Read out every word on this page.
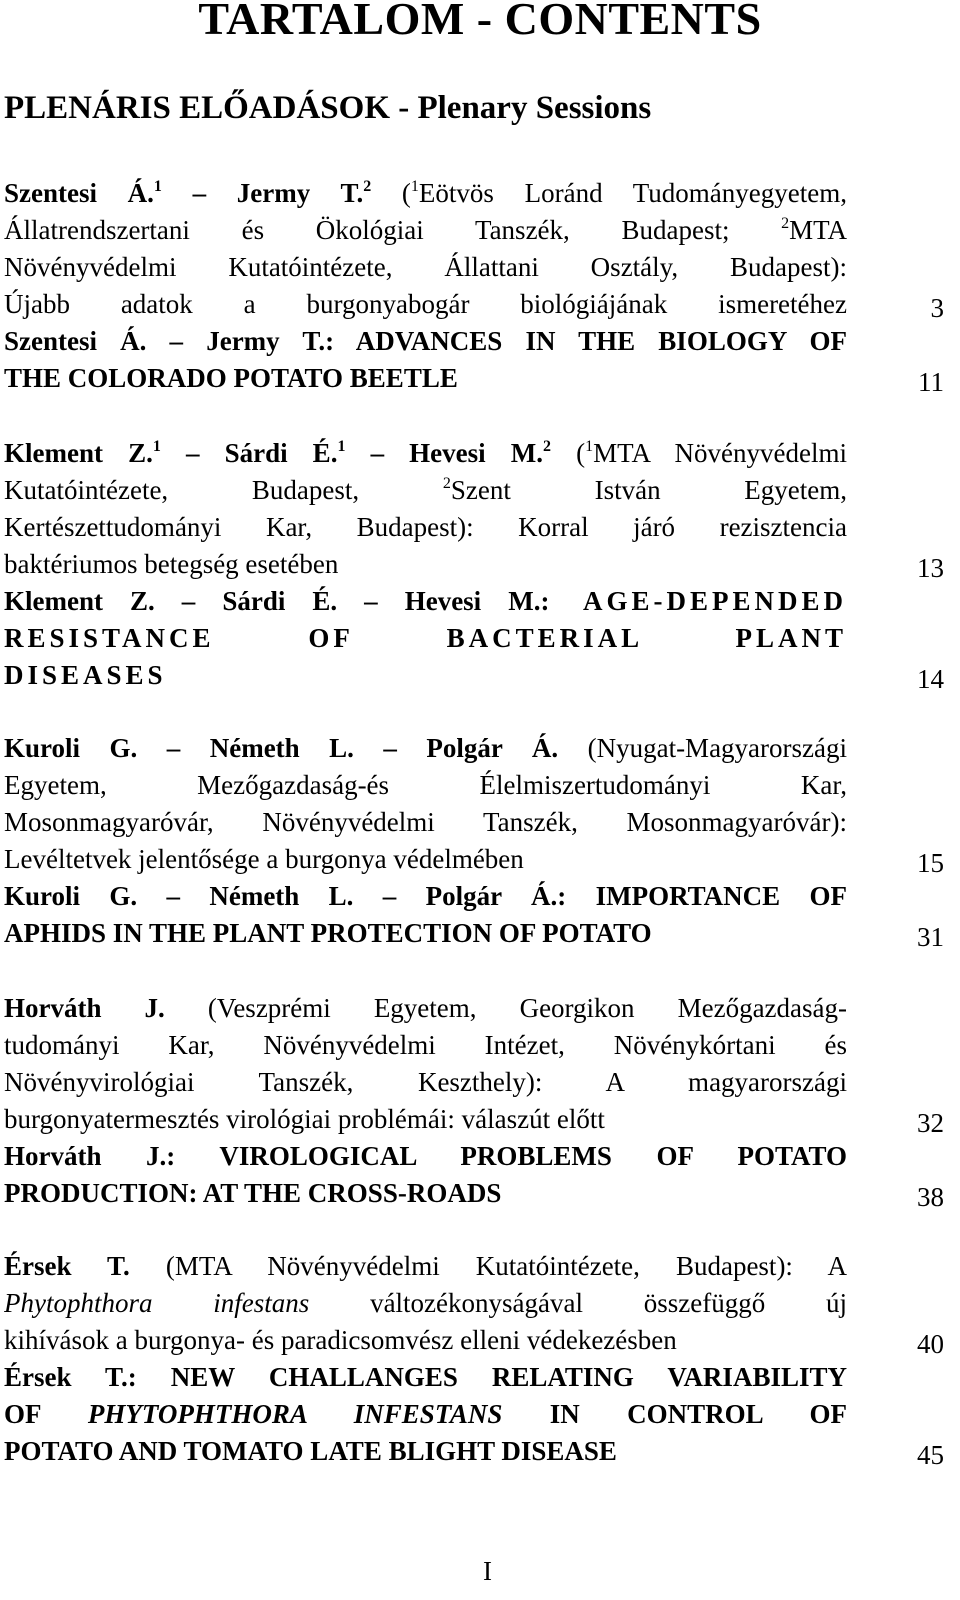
TARTALOM - CONTENTS
PLENÁRIS ELŐADÁSOK - Plenary Sessions
Szentesi Á.$^1$ – Jermy T.$^2$ ($^1$Eötvös Loránd Tudományegyetem,
Állatrendszertani és Ökológiai Tanszék, Budapest;	$^2$MTA
Növényvédelmi Kutatóintézete, Állattani Osztály, Budapest):
Újabb adatok a burgonyabogár biológiájának ismeretéhez	3
Szentesi Á. – Jermy T.: ADVANCES IN THE BIOLOGY OF
THE COLORADO POTATO BEETLE	11
Klement Z.$^1$ – Sárdi É.$^1$ – Hevesi M.$^2$ ($^1$MTA Növényvédelmi
Kutatóintézete, Budapest,	$^2$Szent István Egyetem,
Kertészettudományi Kar, Budapest): Korral járó rezisztencia
baktériumos betegség esetében	13
Klement Z. – Sárdi É. – Hevesi M.: AGE-DEPENDED
RESISTANCE OF BACTERIAL PLANT
DISEASES	14
Kuroli G. – Németh L. – Polgár Á. (Nyugat-Magyarországi
Egyetem, Mezőgazdaság-és Élelmiszertudományi Kar,
Mosonmagyaróvár, Növényvédelmi Tanszék, Mosonmagyaróvár):
Levéltetvek jelentősége a burgonya védelmében	15
Kuroli G. – Németh L. – Polgár Á.: IMPORTANCE OF
APHIDS IN THE PLANT PROTECTION OF POTATO	31
Horváth J. (Veszprémi Egyetem, Georgikon Mezőgazdaság-
tudományi Kar, Növényvédelmi Intézet, Növénykórtani és
Növényvirológiai Tanszék, Keszthely): A magyarországi
burgonyatermesztés virológiai problémái: válaszút előtt	32
Horváth J.: VIROLOGICAL PROBLEMS OF POTATO
PRODUCTION: AT THE CROSS-ROADS	38
Érsek T. (MTA Növényvédelmi Kutatóintézete, Budapest): A
Phytophthora infestans változékonyságával összefüggő új
kihívások a burgonya- és paradicsomvész elleni védekezésben	40
Érsek T.: NEW CHALLANGES RELATING VARIABILITY
OF PHYTOPHTHORA INFESTANS IN CONTROL OF
POTATO AND TOMATO LATE BLIGHT DISEASE	45
I
